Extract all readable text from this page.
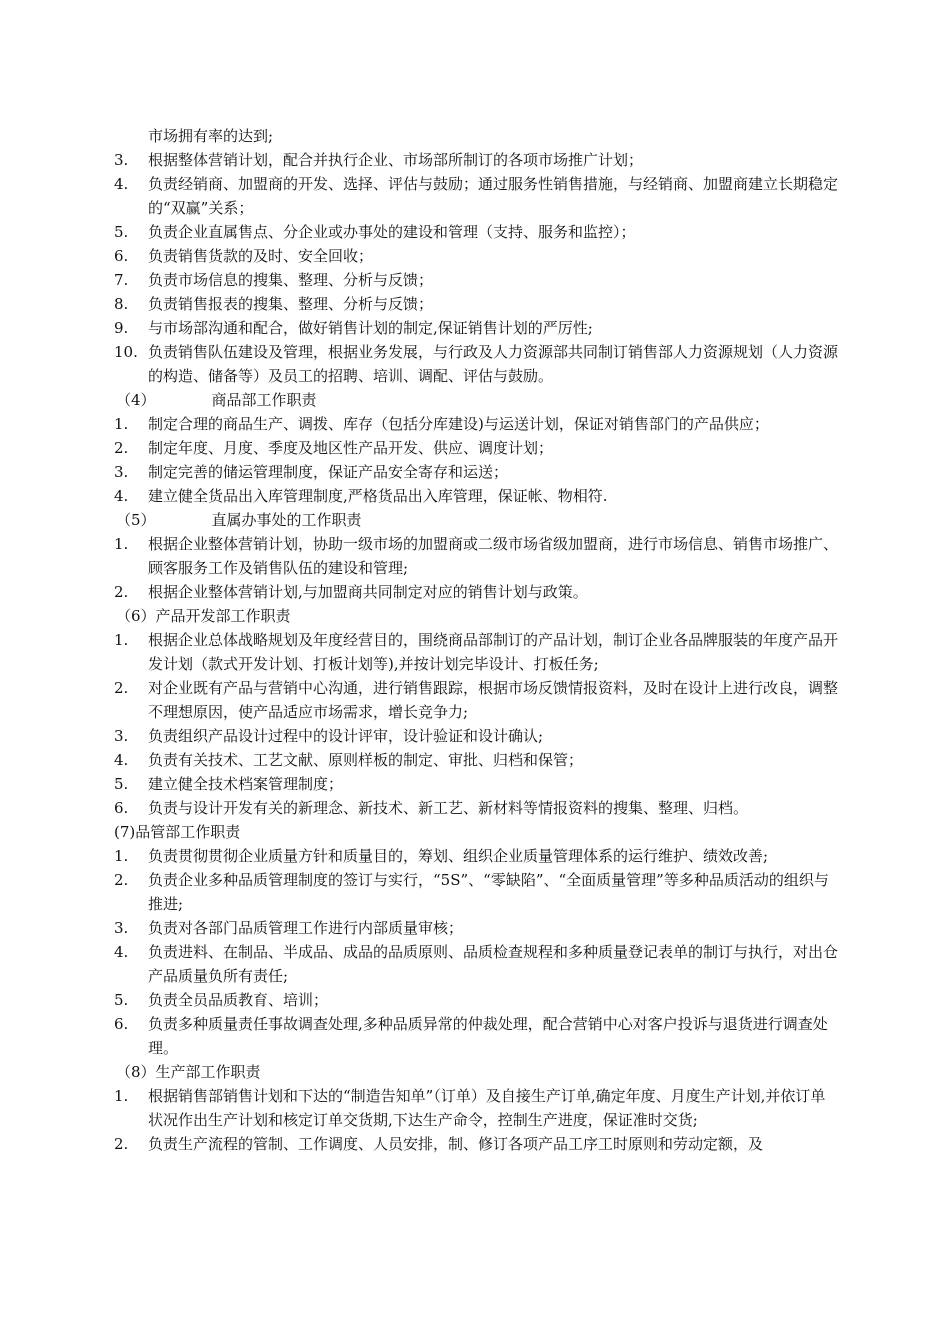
市场拥有率的达到;
3. 根据整体营销计划，配合并执行企业、市场部所制订的各项市场推广计划；
4. 负责经销商、加盟商的开发、选择、评估与鼓励；通过服务性销售措施，与经销商、加盟商建立长期稳定的“双赢”关系；
5. 负责企业直属售点、分企业或办事处的建设和管理（支持、服务和监控）；
6. 负责销售货款的及时、安全回收；
7. 负责市场信息的搜集、整理、分析与反馈；
8. 负责销售报表的搜集、整理、分析与反馈；
9. 与市场部沟通和配合，做好销售计划的制定,保证销售计划的严厉性;
10. 负责销售队伍建设及管理，根据业务发展，与行政及人力资源部共同制订销售部人力资源规划（人力资源的构造、储备等）及员工的招聘、培训、调配、评估与鼓励。
（4）	商品部工作职责
1. 制定合理的商品生产、调拨、库存（包括分库建设)与运送计划，保证对销售部门的产品供应；
2. 制定年度、月度、季度及地区性产品开发、供应、调度计划；
3. 制定完善的储运管理制度，保证产品安全寄存和运送；
4. 建立健全货品出入库管理制度,严格货品出入库管理，保证帐、物相符.
（5）	直属办事处的工作职责
1. 根据企业整体营销计划，协助一级市场的加盟商或二级市场省级加盟商，进行市场信息、销售市场推广、顾客服务工作及销售队伍的建设和管理;
2. 根据企业整体营销计划,与加盟商共同制定对应的销售计划与政策。
（6）产品开发部工作职责
1. 根据企业总体战略规划及年度经营目的，围绕商品部制订的产品计划，制订企业各品牌服装的年度产品开发计划（款式开发计划、打板计划等),并按计划完毕设计、打板任务;
2. 对企业既有产品与营销中心沟通，进行销售跟踪，根据市场反馈情报资料，及时在设计上进行改良，调整不理想原因，使产品适应市场需求，增长竞争力;
3. 负责组织产品设计过程中的设计评审，设计验证和设计确认;
4. 负责有关技术、工艺文献、原则样板的制定、审批、归档和保管；
5. 建立健全技术档案管理制度；
6. 负责与设计开发有关的新理念、新技术、新工艺、新材料等情报资料的搜集、整理、归档。
(7)品管部工作职责
1. 负责贯彻贯彻企业质量方针和质量目的，筹划、组织企业质量管理体系的运行维护、绩效改善;
2. 负责企业多种品质管理制度的签订与实行，“5S”、“零缺陷”、“全面质量管理”等多种品质活动的组织与推进;
3. 负责对各部门品质管理工作进行内部质量审核；
4. 负责进料、在制品、半成品、成品的品质原则、品质检查规程和多种质量登记表单的制订与执行，对出仓产品质量负所有责任;
5. 负责全员品质教育、培训；
6. 负责多种质量责任事故调查处理,多种品质异常的仲裁处理，配合营销中心对客户投诉与退货进行调查处理。
（8）生产部工作职责
1. 根据销售部销售计划和下达的“制造告知单”（订单）及自接生产订单,确定年度、月度生产计划,并依订单状况作出生产计划和核定订单交货期,下达生产命令，控制生产进度，保证准时交货;
2. 负责生产流程的管制、工作调度、人员安排，制、修订各项产品工序工时原则和劳动定额，及
